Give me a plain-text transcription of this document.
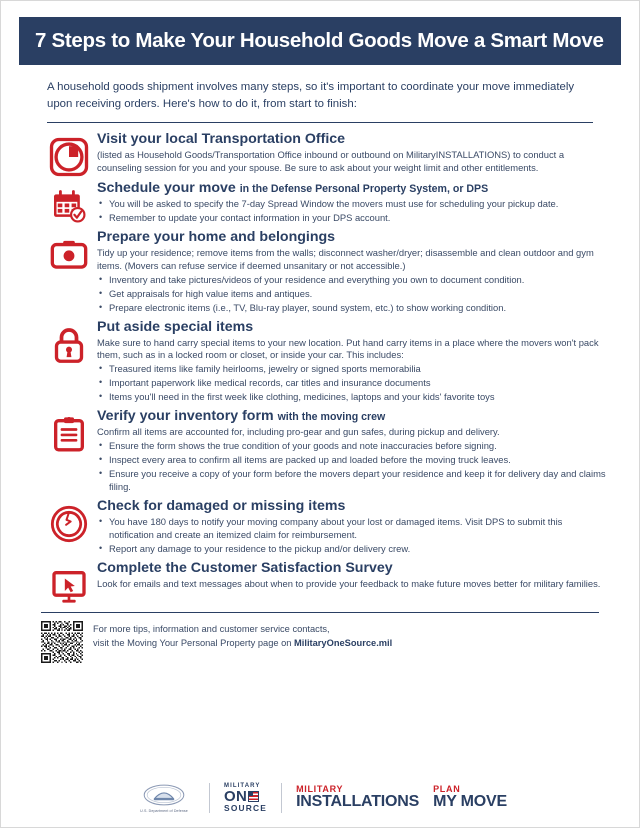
7 Steps to Make Your Household Goods Move a Smart Move
A household goods shipment involves many steps, so it's important to coordinate your move immediately upon receiving orders. Here's how to do it, from start to finish:
Visit your local Transportation Office
(listed as Household Goods/Transportation Office inbound or outbound on MilitaryINSTALLATIONS) to conduct a counseling session for you and your spouse. Be sure to ask about your weight limit and other entitlements.
Schedule your move in the Defense Personal Property System, or DPS
• You will be asked to specify the 7-day Spread Window the movers must use for scheduling your pickup date.
• Remember to update your contact information in your DPS account.
Prepare your home and belongings
Tidy up your residence; remove items from the walls; disconnect washer/dryer; disassemble and clean outdoor and gym items. (Movers can refuse service if deemed unsanitary or not accessible.)
• Inventory and take pictures/videos of your residence and everything you own to document condition.
• Get appraisals for high value items and antiques.
• Prepare electronic items (i.e., TV, Blu-ray player, sound system, etc.) to show working condition.
Put aside special items
Make sure to hand carry special items to your new location. Put hand carry items in a place where the movers won't pack them, such as in a locked room or closet, or inside your car. This includes:
• Treasured items like family heirlooms, jewelry or signed sports memorabilia
• Important paperwork like medical records, car titles and insurance documents
• Items you'll need in the first week like clothing, medicines, laptops and your kids' favorite toys
Verify your inventory form with the moving crew
Confirm all items are accounted for, including pro-gear and gun safes, during pickup and delivery.
• Ensure the form shows the true condition of your goods and note inaccuracies before signing.
• Inspect every area to confirm all items are packed up and loaded before the moving truck leaves.
• Ensure you receive a copy of your form before the movers depart your residence and keep it for delivery day and claims filing.
Check for damaged or missing items
• You have 180 days to notify your moving company about your lost or damaged items. Visit DPS to submit this notification and create an itemized claim for reimbursement.
• Report any damage to your residence to the pickup and/or delivery crew.
Complete the Customer Satisfaction Survey
Look for emails and text messages about when to provide your feedback to make future moves better for military families.
For more tips, information and customer service contacts,
visit the Moving Your Personal Property page on MilitaryOneSource.mil
U.S. Department of Defense
MILITARY
ON
SOURCE
MILITARY
INSTALLATIONS
PLAN
MY MOVE
